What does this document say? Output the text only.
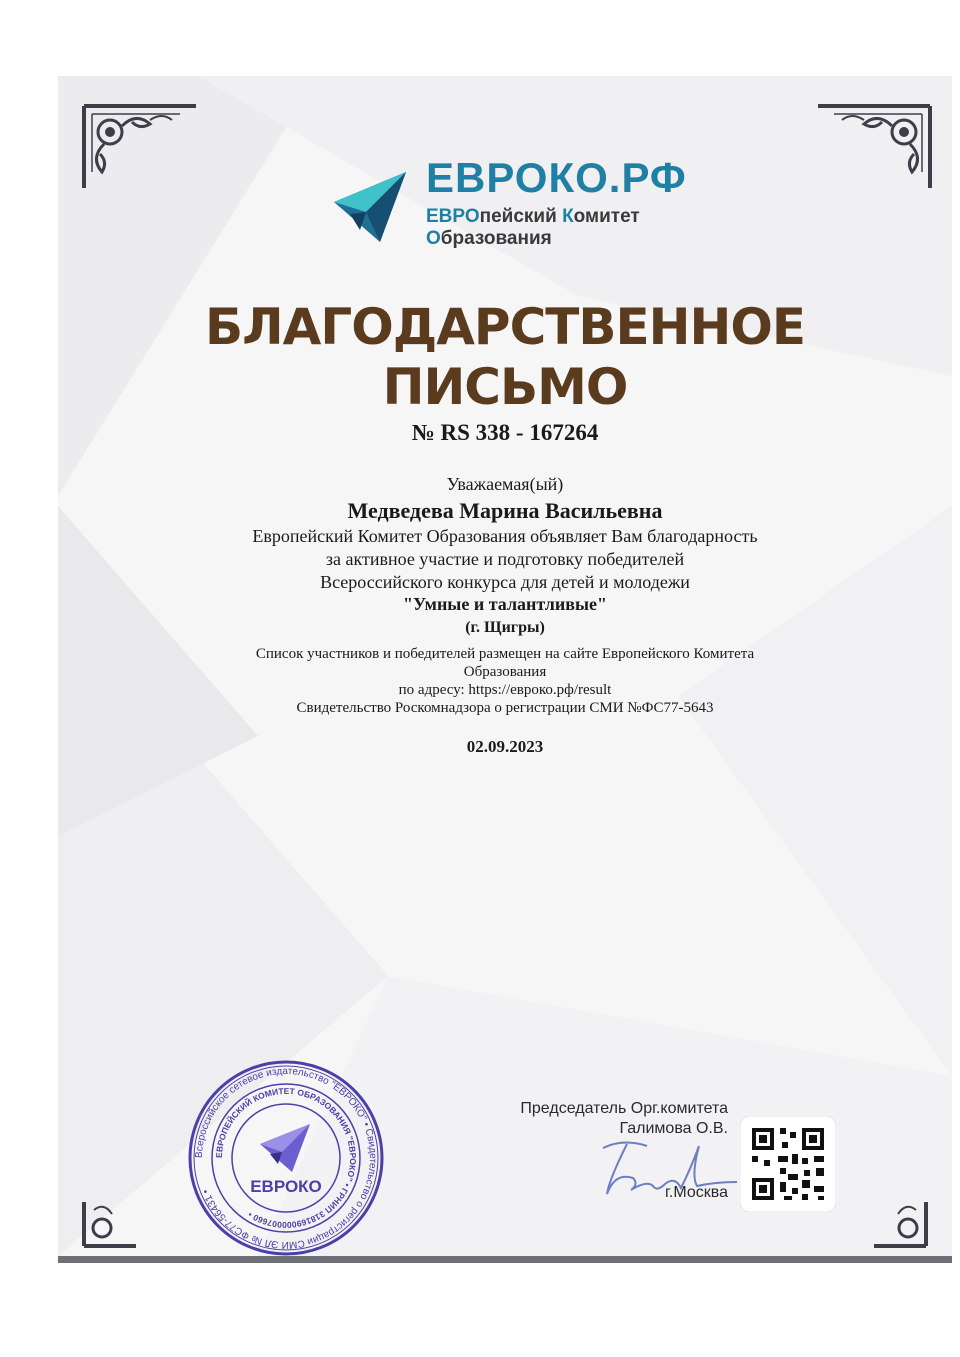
ЕВРОКО.РФ
ЕВРОпейский Комитет
Образования
БЛАГОДАРСТВЕННОЕ
ПИСЬМО
№ RS 338 - 167264
Уважаемая(ый)
Медведева Марина Васильевна
Европейский Комитет Образования объявляет Вам благодарность
за активное участие и подготовку победителей
Всероссийского конкурса для детей и молодежи
"Умные и талантливые"
(г. Щигры)
Список участников и победителей размещен на сайте Европейского Комитета
Образования
по адресу: https://евроко.рф/result
Свидетельство Роскомнадзора о регистрации СМИ №ФС77-5643
02.09.2023
Всероссийское сетевое издательство "ЕВРОКО" • Свидетельство о регистрации СМИ ЭЛ № ФС77-56431 •
ЕВРОПЕЙСКИЙ КОМИТЕТ ОБРАЗОВАНИЯ "ЕВРОКО" • ГРНИП 318169000007660 •
ЕВРОКО
Председатель Орг.комитета
Галимова О.В.
г.Москва
